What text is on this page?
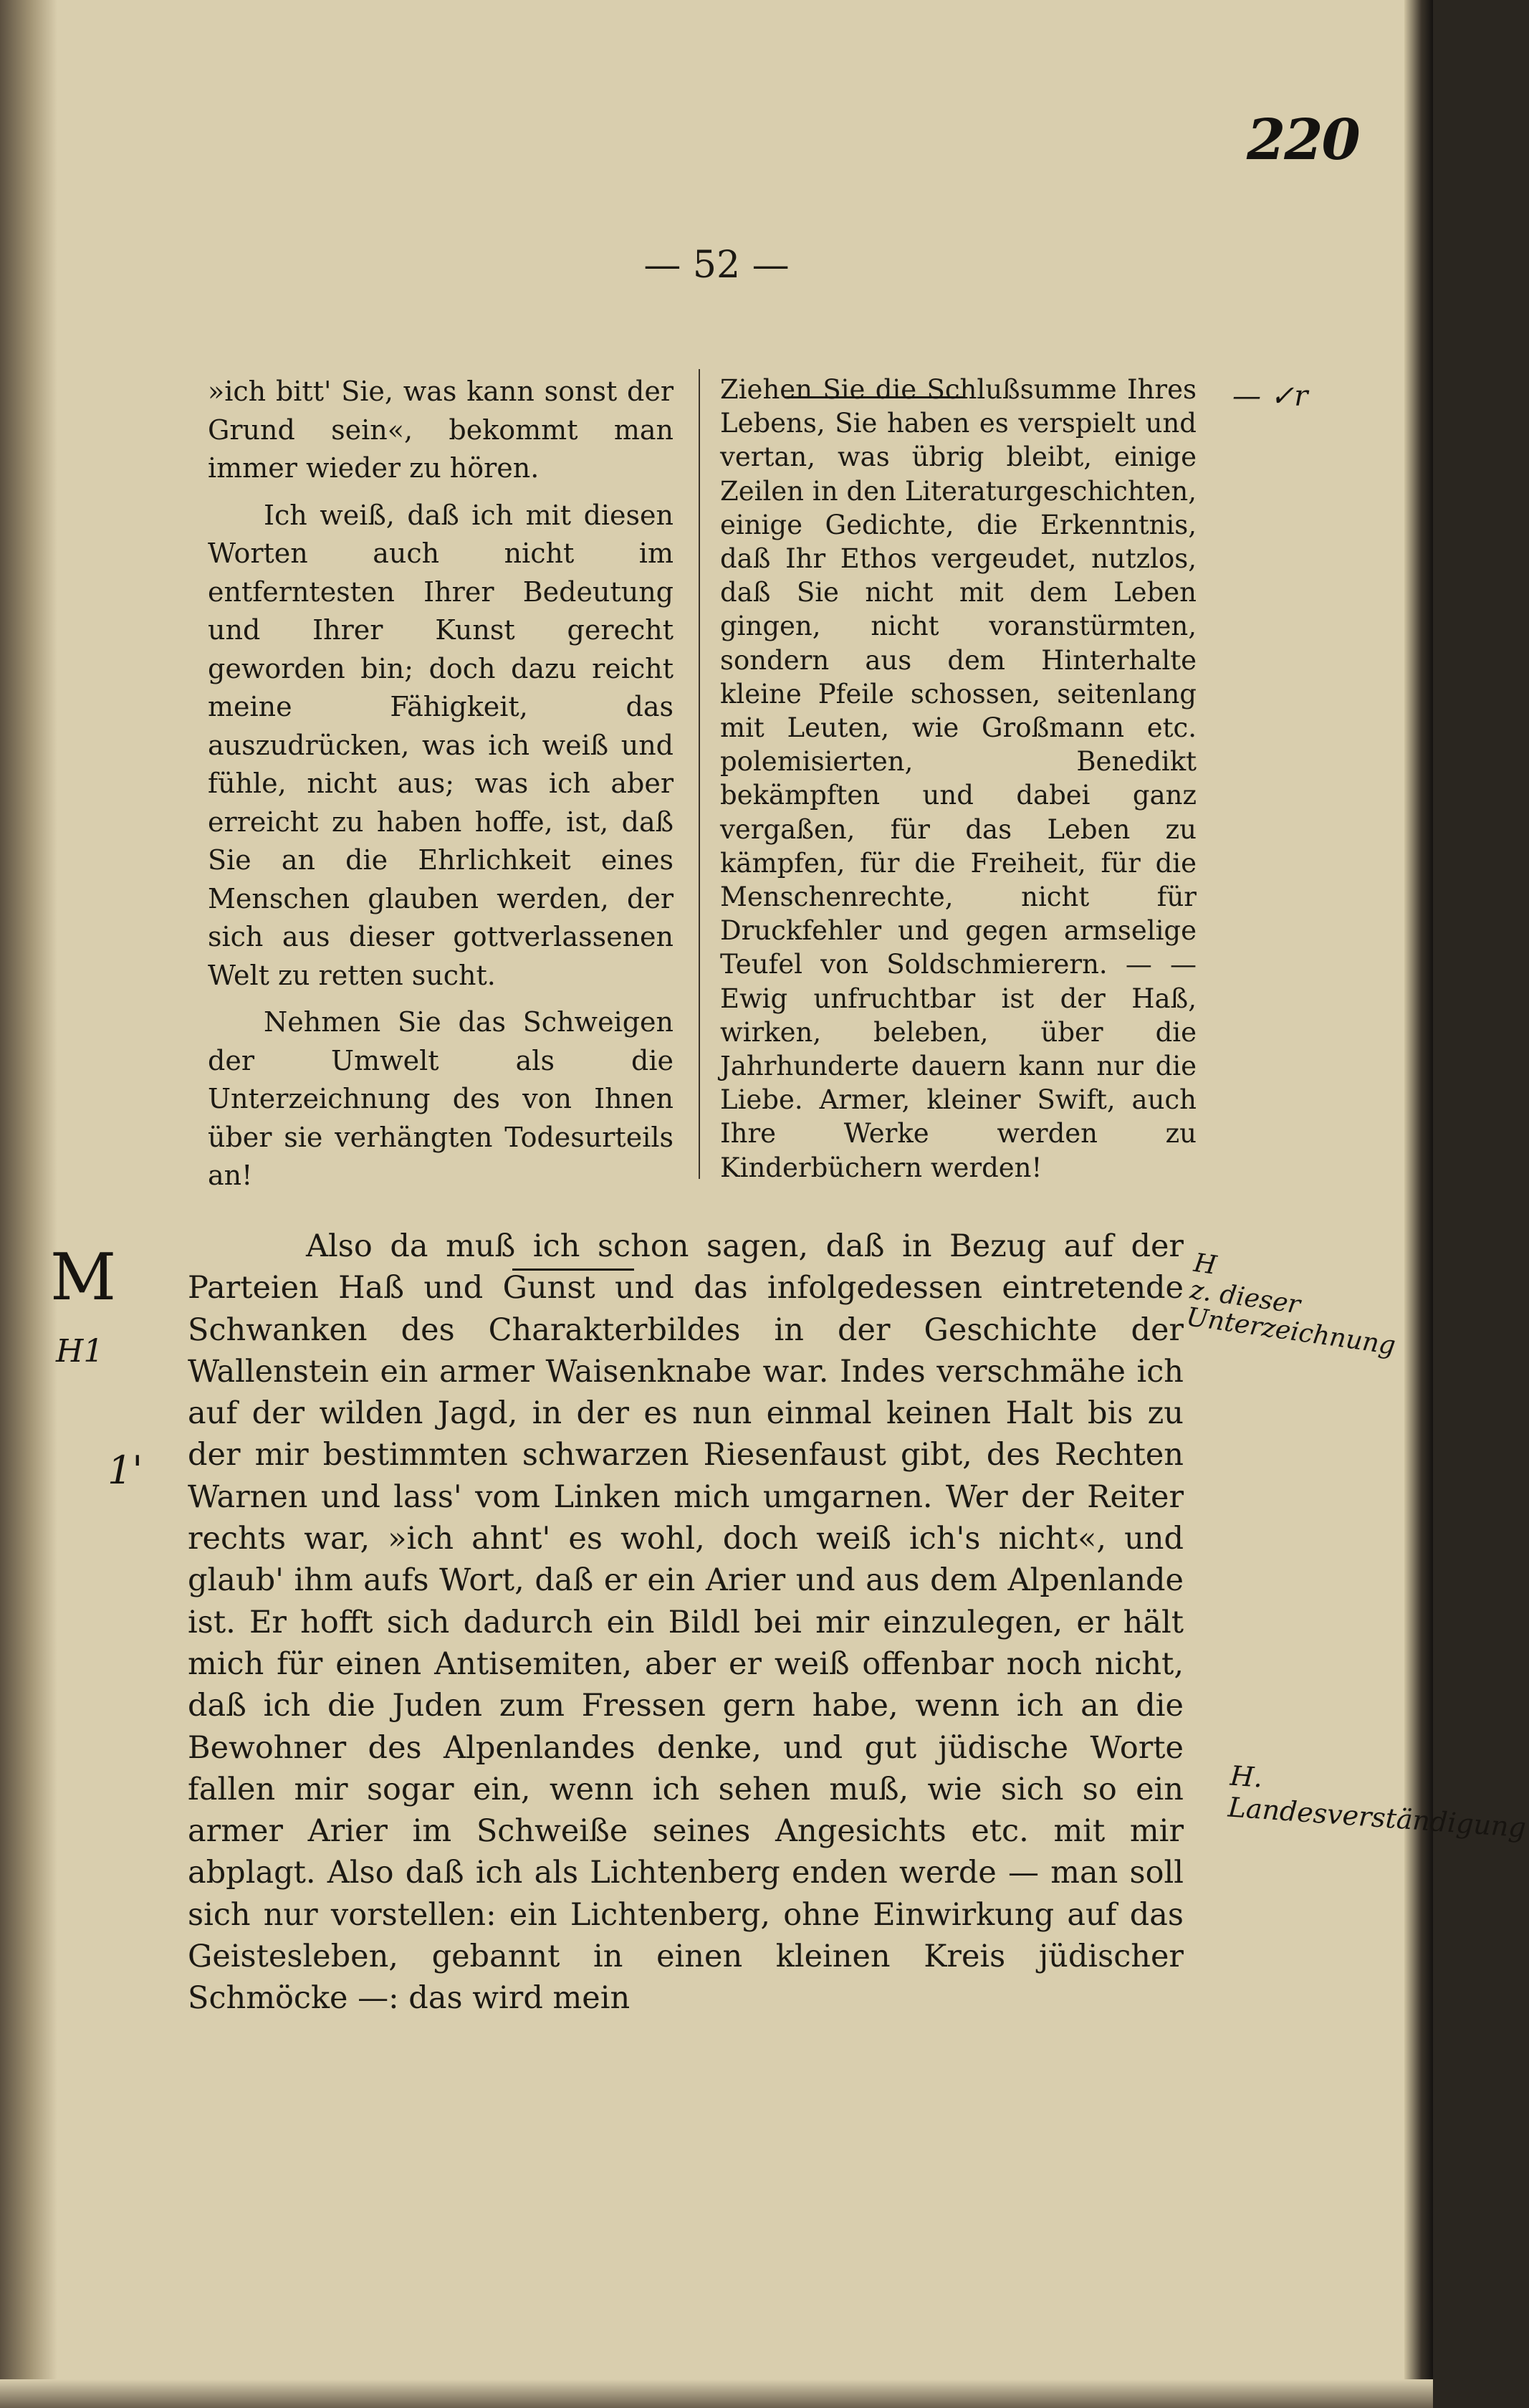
220
— 52 —

»ich bitt' Sie, was kann sonst der Grund sein«, bekommt man immer wieder zu hören.

Ich weiß, daß ich mit diesen Worten auch nicht im entferntesten Ihrer Bedeutung und Ihrer Kunst gerecht geworden bin; doch dazu reicht meine Fähigkeit, das auszudrücken, was ich weiß und fühle, nicht aus; was ich aber erreicht zu haben hoffe, ist, daß Sie an die Ehrlichkeit eines Menschen glauben werden, der sich aus dieser gottverlassenen Welt zu retten sucht.

Nehmen Sie das Schweigen der Umwelt als die Unterzeichnung des von Ihnen über sie verhängten Todesurteils an!

Ziehen Sie die Schlußsumme Ihres Lebens, Sie haben es verspielt und vertan, was übrig bleibt, einige Zeilen in den Literaturgeschichten, einige Gedichte, die Erkenntnis, daß Ihr Ethos vergeudet, nutzlos, daß Sie nicht mit dem Leben gingen, nicht voranstürmten, sondern aus dem Hinterhalte kleine Pfeile schossen, seitenlang mit Leuten, wie Großmann etc. polemisierten, Benedikt bekämpften und dabei ganz vergaßen, für das Leben zu kämpfen, für die Freiheit, für die Menschenrechte, nicht für Druckfehler und gegen armselige Teufel von Soldschmierern. — — Ewig unfruchtbar ist der Haß, wirken, beleben, über die Jahrhunderte dauern kann nur die Liebe. Armer, kleiner Swift, auch Ihre Werke werden zu Kinderbüchern werden!

Also da muß ich schon sagen, daß in Bezug auf der Parteien Haß und Gunst und das infolgedessen eintretende Schwanken des Charakterbildes in der Geschichte der Wallenstein ein armer Waisenknabe war. Indes verschmähe ich auf der wilden Jagd, in der es nun einmal keinen Halt bis zu der mir bestimmten schwarzen Riesenfaust gibt, des Rechten Warnen und lass' vom Linken mich umgarnen. Wer der Reiter rechts war, »ich ahnt' es wohl, doch weiß ich's nicht«, und glaub' ihm aufs Wort, daß er ein Arier und aus dem Alpenlande ist. Er hofft sich dadurch ein Bildl bei mir einzulegen, er hält mich für einen Antisemiten, aber er weiß offenbar noch nicht, daß ich die Juden zum Fressen gern habe, wenn ich an die Bewohner des Alpenlandes denke, und gut jüdische Worte fallen mir sogar ein, wenn ich sehen muß, wie sich so ein armer Arier im Schweiße seines Angesichts etc. mit mir abplagt. Also daß ich als Lichtenberg enden werde — man soll sich nur vorstellen: ein Lichtenberg, ohne Einwirkung auf das Geistesleben, gebannt in einen kleinen Kreis jüdischer Schmöcke —: das wird mein

— ✓r
M
H1
1'
H
z. dieser
Unterzeichnung
H. Landesverständigung
